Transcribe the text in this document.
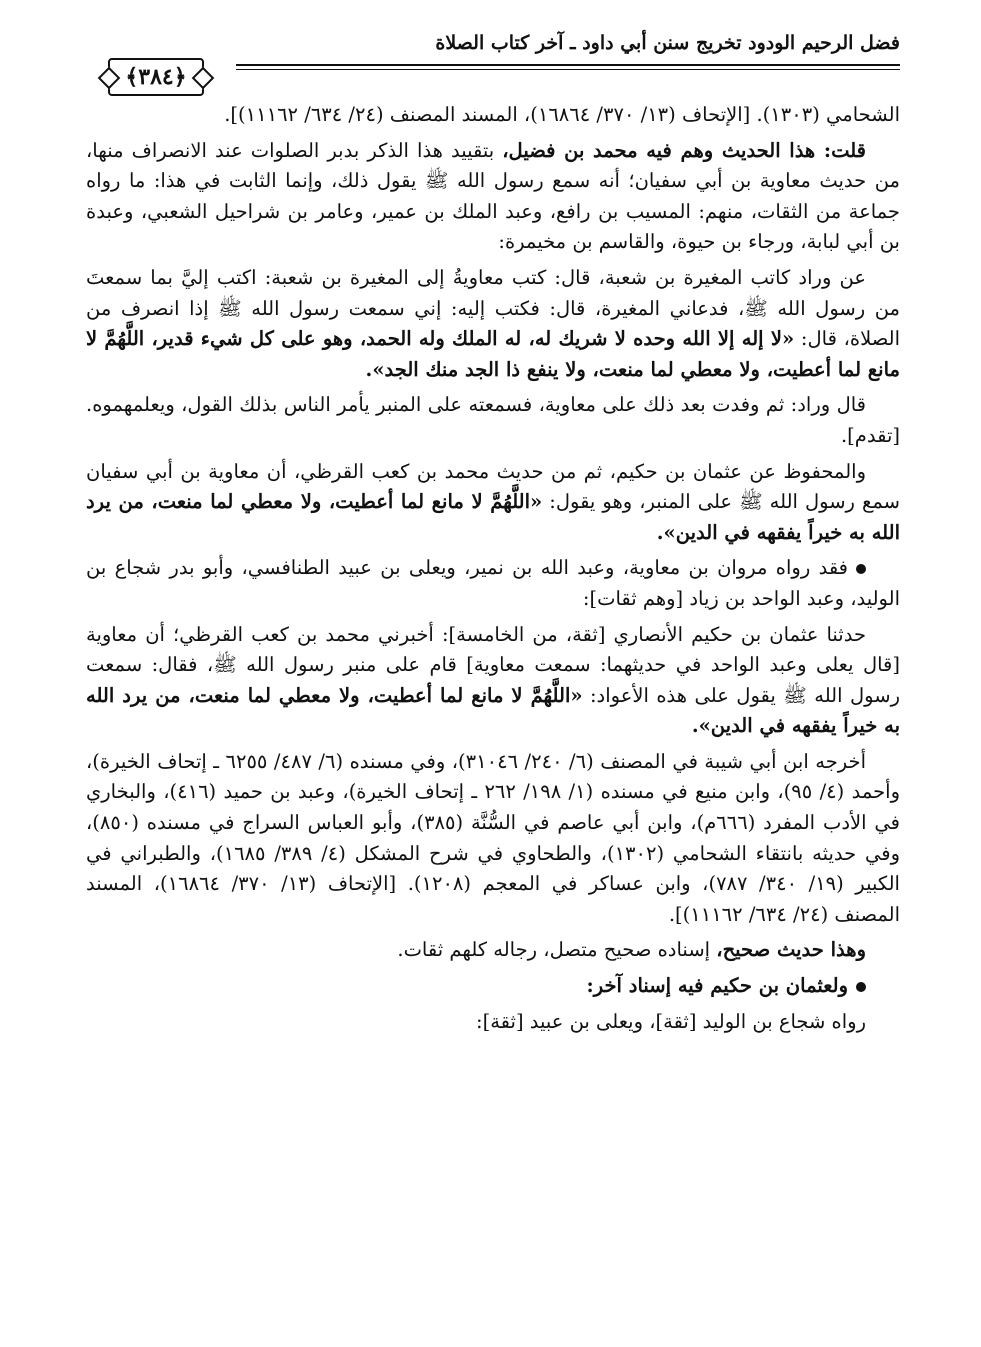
فضل الرحيم الودود تخريج سنن أبي داود ـ آخر كتاب الصلاة
﴿٣٨٤﴾

الشحامي (١٣٠٣). [الإتحاف (١٣/ ٣٧٠/ ١٦٨٦٤)، المسند المصنف (٢٤/ ٦٣٤/ ١١١٦٢)].

قلت: هذا الحديث وهم فيه محمد بن فضيل، بتقييد هذا الذكر بدبر الصلوات عند الانصراف منها، من حديث معاوية بن أبي سفيان؛ أنه سمع رسول الله ﷺ يقول ذلك، وإنما الثابت في هذا: ما رواه جماعة من الثقات، منهم: المسيب بن رافع، وعبد الملك بن عمير، وعامر بن شراحيل الشعبي، وعبدة بن أبي لبابة، ورجاء بن حيوة، والقاسم بن مخيمرة:

عن وراد كاتب المغيرة بن شعبة، قال: كتب معاويةُ إلى المغيرة بن شعبة: اكتب إليَّ بما سمعتَ من رسول الله ﷺ، فدعاني المغيرة، قال: فكتب إليه: إني سمعت رسول الله ﷺ إذا انصرف من الصلاة، قال: «لا إله إلا الله وحده لا شريك له، له الملك وله الحمد، وهو على كل شيء قدير، اللَّهُمَّ لا مانع لما أعطيت، ولا معطي لما منعت، ولا ينفع ذا الجد منك الجد».

قال وراد: ثم وفدت بعد ذلك على معاوية، فسمعته على المنبر يأمر الناس بذلك القول، ويعلمهموه. [تقدم].

والمحفوظ عن عثمان بن حكيم، ثم من حديث محمد بن كعب القرظي، أن معاوية بن أبي سفيان سمع رسول الله ﷺ على المنبر، وهو يقول: «اللَّهُمَّ لا مانع لما أعطيت، ولا معطي لما منعت، من يرد الله به خيراً يفقهه في الدين».

فقد رواه مروان بن معاوية، وعبد الله بن نمير، ويعلى بن عبيد الطنافسي، وأبو بدر شجاع بن الوليد، وعبد الواحد بن زياد [وهم ثقات]:

حدثنا عثمان بن حكيم الأنصاري [ثقة، من الخامسة]: أخبرني محمد بن كعب القرظي؛ أن معاوية [قال يعلى وعبد الواحد في حديثهما: سمعت معاوية] قام على منبر رسول الله ﷺ، فقال: سمعت رسول الله ﷺ يقول على هذه الأعواد: «اللَّهُمَّ لا مانع لما أعطيت، ولا معطي لما منعت، من يرد الله به خيراً يفقهه في الدين».

أخرجه ابن أبي شيبة في المصنف (٦/ ٢٤٠/ ٣١٠٤٦)، وفي مسنده (٦/ ٤٨٧/ ٦٢٥٥ ـ إتحاف الخيرة)، وأحمد (٤/ ٩٥)، وابن منيع في مسنده (١/ ١٩٨/ ٢٦٢ ـ إتحاف الخيرة)، وعبد بن حميد (٤١٦)، والبخاري في الأدب المفرد (٦٦٦م)، وابن أبي عاصم في السُّنَّة (٣٨٥)، وأبو العباس السراج في مسنده (٨٥٠)، وفي حديثه بانتقاء الشحامي (١٣٠٢)، والطحاوي في شرح المشكل (٤/ ٣٨٩/ ١٦٨٥)، والطبراني في الكبير (١٩/ ٣٤٠/ ٧٨٧)، وابن عساكر في المعجم (١٢٠٨). [الإتحاف (١٣/ ٣٧٠/ ١٦٨٦٤)، المسند المصنف (٢٤/ ٦٣٤/ ١١١٦٢)].

وهذا حديث صحيح، إسناده صحيح متصل، رجاله كلهم ثقات.

ولعثمان بن حكيم فيه إسناد آخر:

رواه شجاع بن الوليد [ثقة]، ويعلى بن عبيد [ثقة]:
